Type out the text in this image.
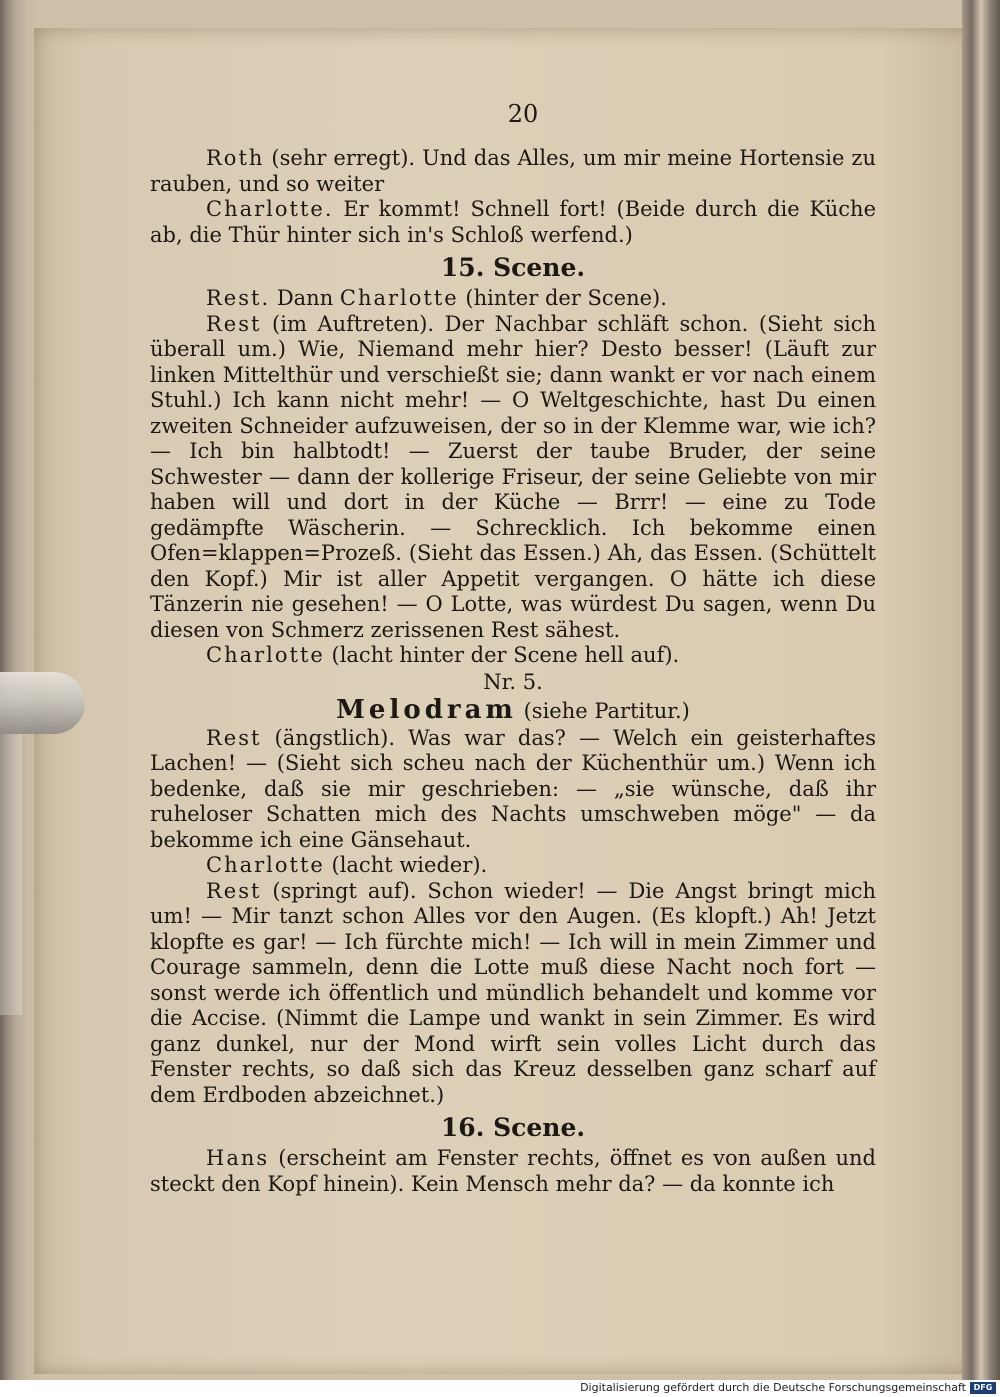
20

Roth (sehr erregt). Und das Alles, um mir meine Hortensie zu rauben, und so weiter

Charlotte. Er kommt! Schnell fort! (Beide durch die Küche ab, die Thür hinter sich in's Schloß werfend.)

15. Scene.

Rest. Dann Charlotte (hinter der Scene).

Rest (im Auftreten). Der Nachbar schläft schon. (Sieht sich überall um.) Wie, Niemand mehr hier? Desto besser! (Läuft zur linken Mittelthür und verschießt sie; dann wankt er vor nach einem Stuhl.) Ich kann nicht mehr! — O Weltgeschichte, hast Du einen zweiten Schneider aufzuweisen, der so in der Klemme war, wie ich? — Ich bin halbtodt! — Zuerst der taube Bruder, der seine Schwester — dann der kollerige Friseur, der seine Geliebte von mir haben will und dort in der Küche — Brrr! — eine zu Tode gedämpfte Wäscherin. — Schrecklich. Ich bekomme einen Ofen=klappen=Prozeß. (Sieht das Essen.) Ah, das Essen. (Schüttelt den Kopf.) Mir ist aller Appetit vergangen. O hätte ich diese Tänzerin nie gesehen! — O Lotte, was würdest Du sagen, wenn Du diesen von Schmerz zerissenen Rest sähest.

Charlotte (lacht hinter der Scene hell auf).

Nr. 5.
Melodram (siehe Partitur.)

Rest (ängstlich). Was war das? — Welch ein geisterhaftes Lachen! — (Sieht sich scheu nach der Küchenthür um.) Wenn ich bedenke, daß sie mir geschrieben: — „sie wünsche, daß ihr ruheloser Schatten mich des Nachts umschweben möge" — da bekomme ich eine Gänsehaut.

Charlotte (lacht wieder).

Rest (springt auf). Schon wieder! — Die Angst bringt mich um! — Mir tanzt schon Alles vor den Augen. (Es klopft.) Ah! Jetzt klopfte es gar! — Ich fürchte mich! — Ich will in mein Zimmer und Courage sammeln, denn die Lotte muß diese Nacht noch fort — sonst werde ich öffentlich und mündlich behandelt und komme vor die Accise. (Nimmt die Lampe und wankt in sein Zimmer. Es wird ganz dunkel, nur der Mond wirft sein volles Licht durch das Fenster rechts, so daß sich das Kreuz desselben ganz scharf auf dem Erdboden abzeichnet.)

16. Scene.

Hans (erscheint am Fenster rechts, öffnet es von außen und steckt den Kopf hinein). Kein Mensch mehr da? — da konnte ich

Digitalisierung gefördert durch die Deutsche Forschungsgemeinschaft DFG
